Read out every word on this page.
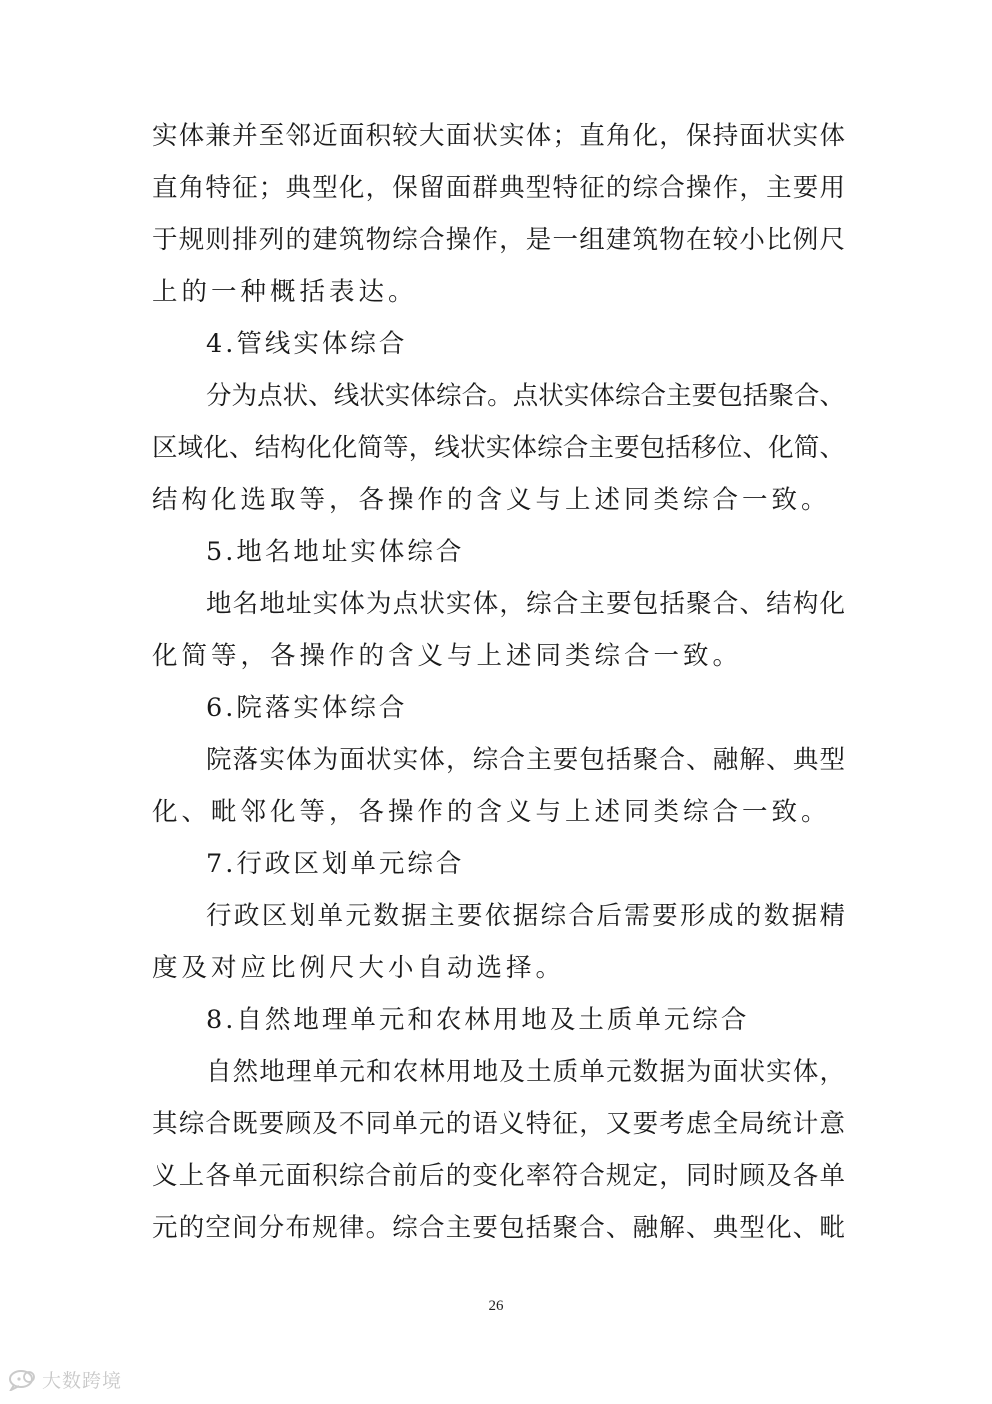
实体兼并至邻近面积较大面状实体；直角化，保持面状实体
直角特征；典型化，保留面群典型特征的综合操作，主要用
于规则排列的建筑物综合操作，是一组建筑物在较小比例尺
上的一种概括表达。
4.管线实体综合
分为点状、线状实体综合。点状实体综合主要包括聚合、
区域化、结构化化简等，线状实体综合主要包括移位、化简、
结构化选取等，各操作的含义与上述同类综合一致。
5.地名地址实体综合
地名地址实体为点状实体，综合主要包括聚合、结构化
化简等，各操作的含义与上述同类综合一致。
6.院落实体综合
院落实体为面状实体，综合主要包括聚合、融解、典型
化、毗邻化等，各操作的含义与上述同类综合一致。
7.行政区划单元综合
行政区划单元数据主要依据综合后需要形成的数据精
度及对应比例尺大小自动选择。
8.自然地理单元和农林用地及土质单元综合
自然地理单元和农林用地及土质单元数据为面状实体，
其综合既要顾及不同单元的语义特征，又要考虑全局统计意
义上各单元面积综合前后的变化率符合规定，同时顾及各单
元的空间分布规律。综合主要包括聚合、融解、典型化、毗
26
大数跨境
